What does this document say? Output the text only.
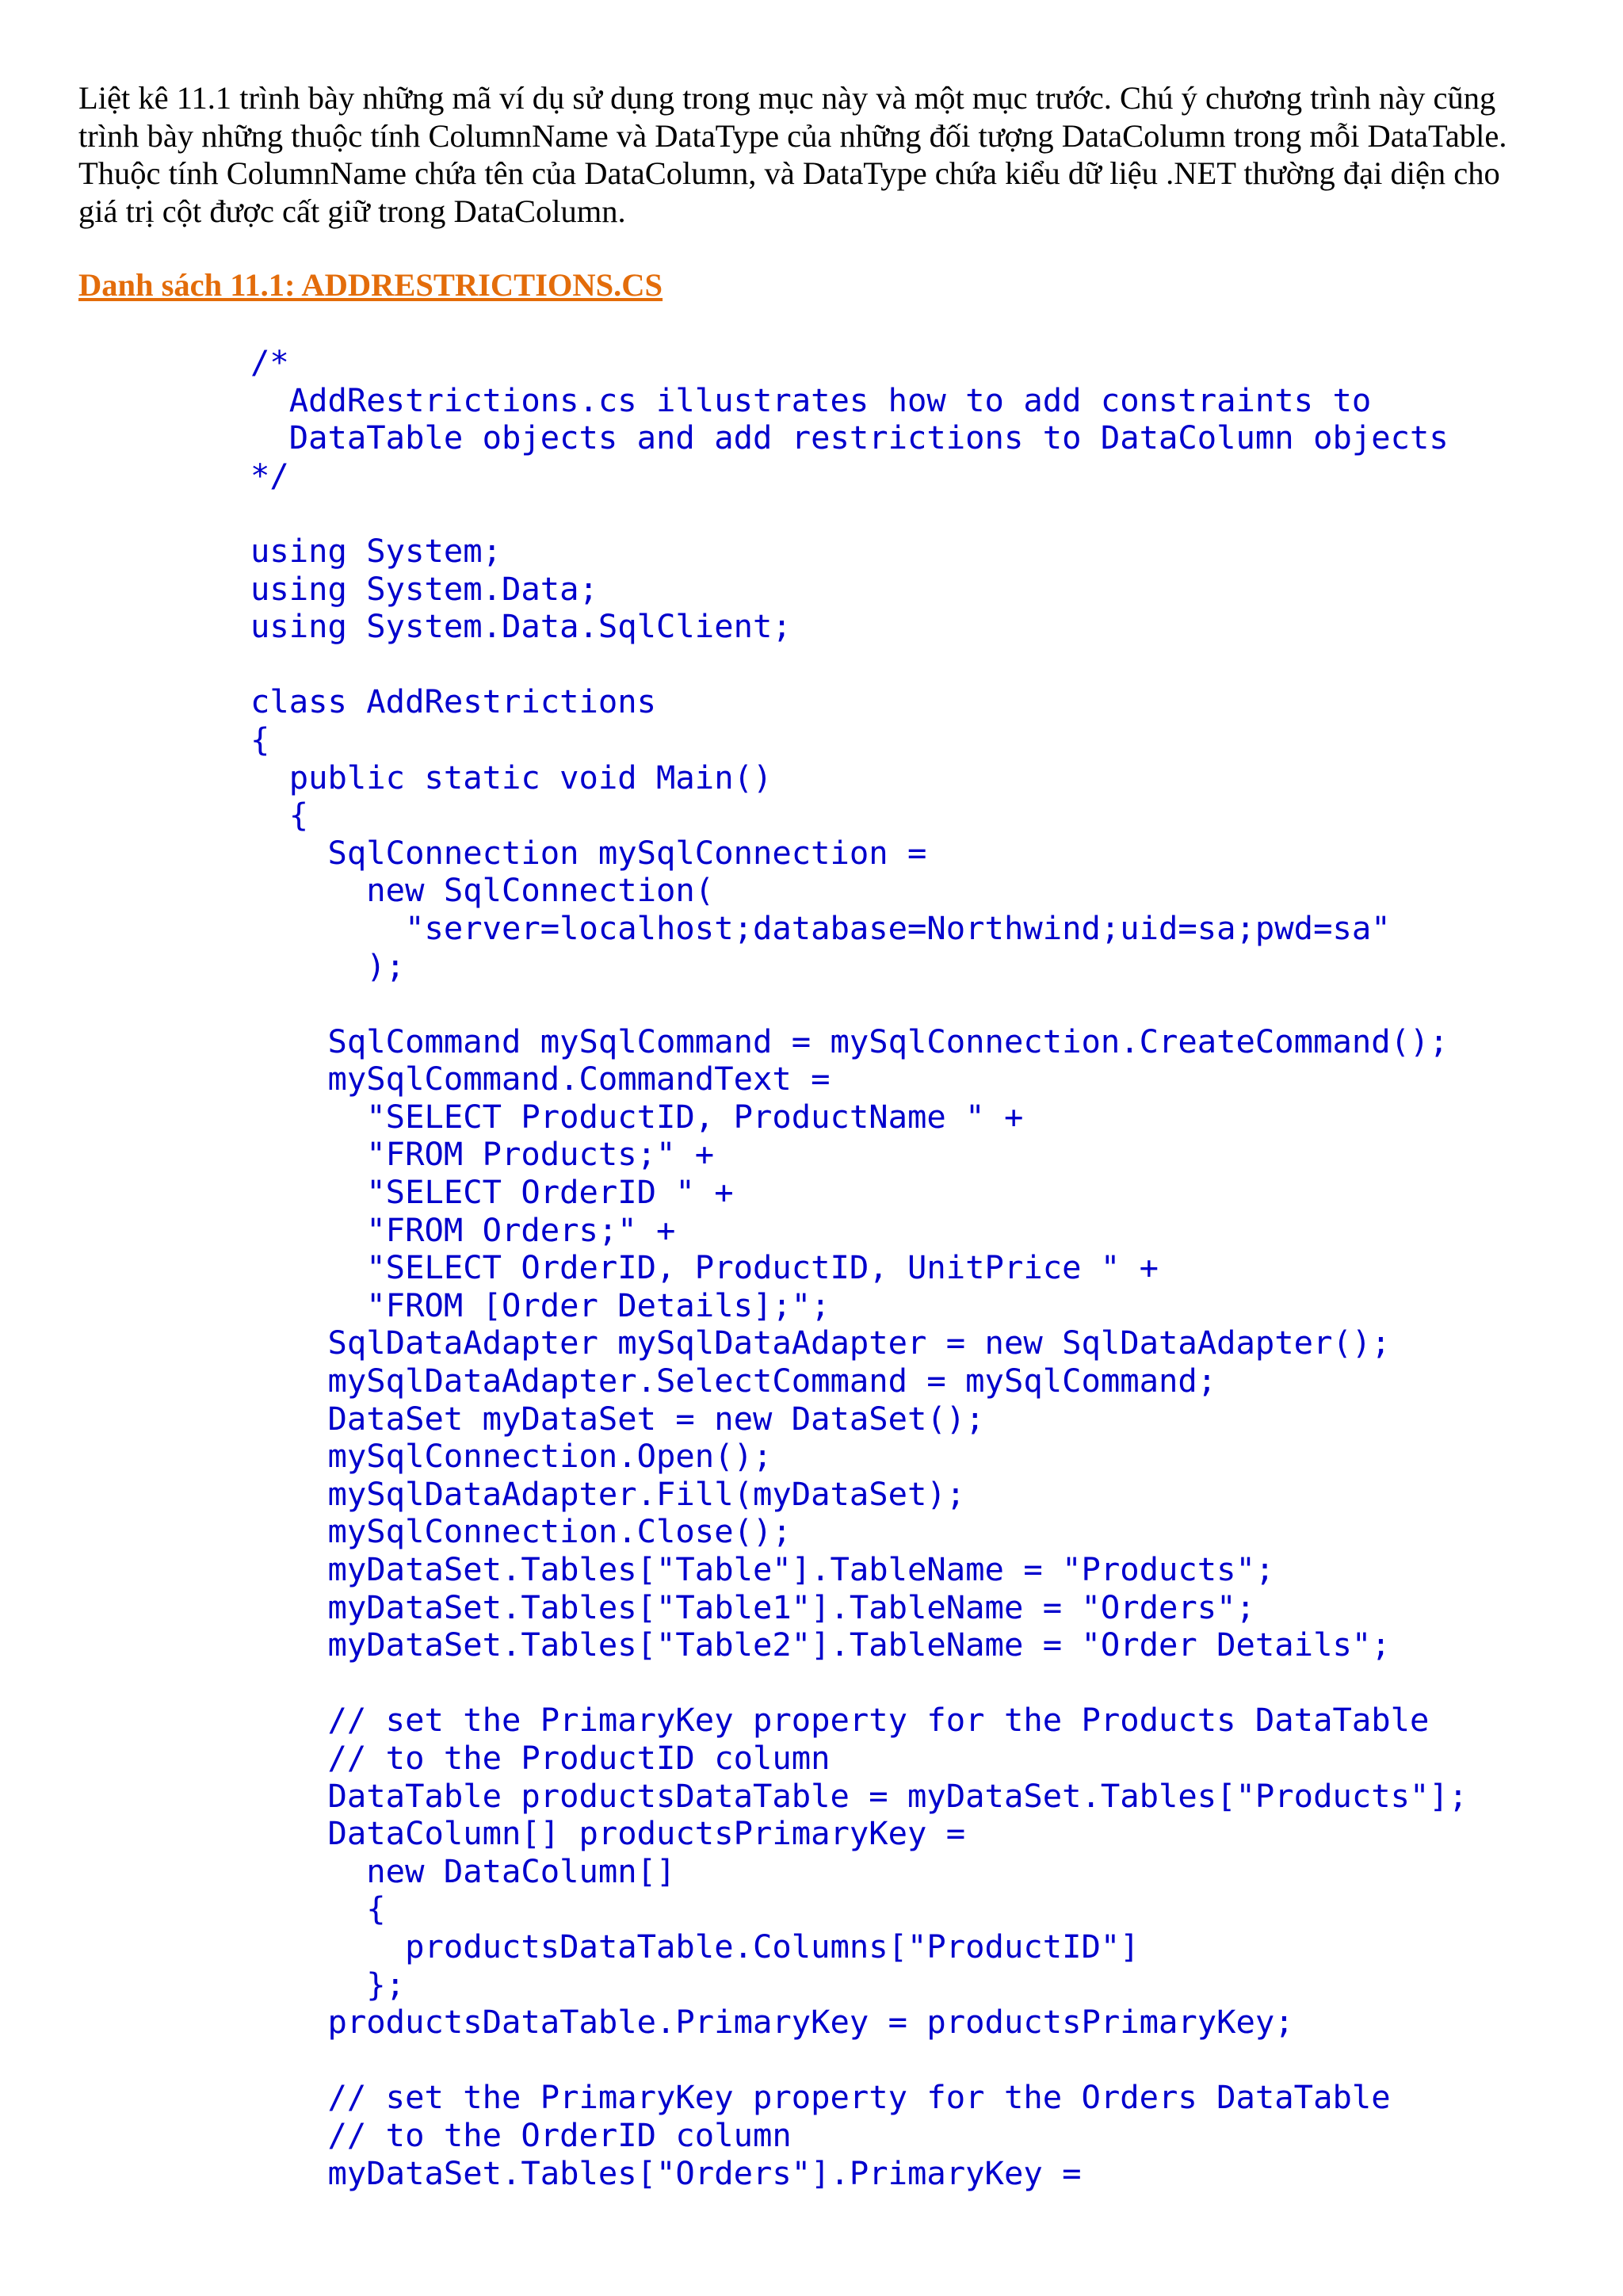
Liệt kê 11.1 trình bày những mã ví dụ sử dụng trong mục này và một mục trước. Chú ý chương trình này cũng
trình bày những thuộc tính ColumnName và DataType của những đối tượng DataColumn trong mỗi DataTable.
Thuộc tính ColumnName chứa tên của DataColumn, và DataType chứa kiểu dữ liệu .NET thường đại diện cho
giá trị cột được cất giữ trong DataColumn.

Danh sách 11.1: ADDRESTRICTIONS.CS

/*
AddRestrictions.cs illustrates how to add constraints to
DataTable objects and add restrictions to DataColumn objects
*/
using System;
using System.Data;
using System.Data.SqlClient;
class AddRestrictions
{
public static void Main()
{
SqlConnection mySqlConnection =
new SqlConnection(
"server=localhost;database=Northwind;uid=sa;pwd=sa"
);
SqlCommand mySqlCommand = mySqlConnection.CreateCommand();
mySqlCommand.CommandText =
"SELECT ProductID, ProductName " +
"FROM Products;" +
"SELECT OrderID " +
"FROM Orders;" +
"SELECT OrderID, ProductID, UnitPrice " +
"FROM [Order Details];";
SqlDataAdapter mySqlDataAdapter = new SqlDataAdapter();
mySqlDataAdapter.SelectCommand = mySqlCommand;
DataSet myDataSet = new DataSet();
mySqlConnection.Open();
mySqlDataAdapter.Fill(myDataSet);
mySqlConnection.Close();
myDataSet.Tables["Table"].TableName = "Products";
myDataSet.Tables["Table1"].TableName = "Orders";
myDataSet.Tables["Table2"].TableName = "Order Details";
// set the PrimaryKey property for the Products DataTable
// to the ProductID column
DataTable productsDataTable = myDataSet.Tables["Products"];
DataColumn[] productsPrimaryKey =
new DataColumn[]
{
productsDataTable.Columns["ProductID"]
};
productsDataTable.PrimaryKey = productsPrimaryKey;
// set the PrimaryKey property for the Orders DataTable
// to the OrderID column
myDataSet.Tables["Orders"].PrimaryKey =
